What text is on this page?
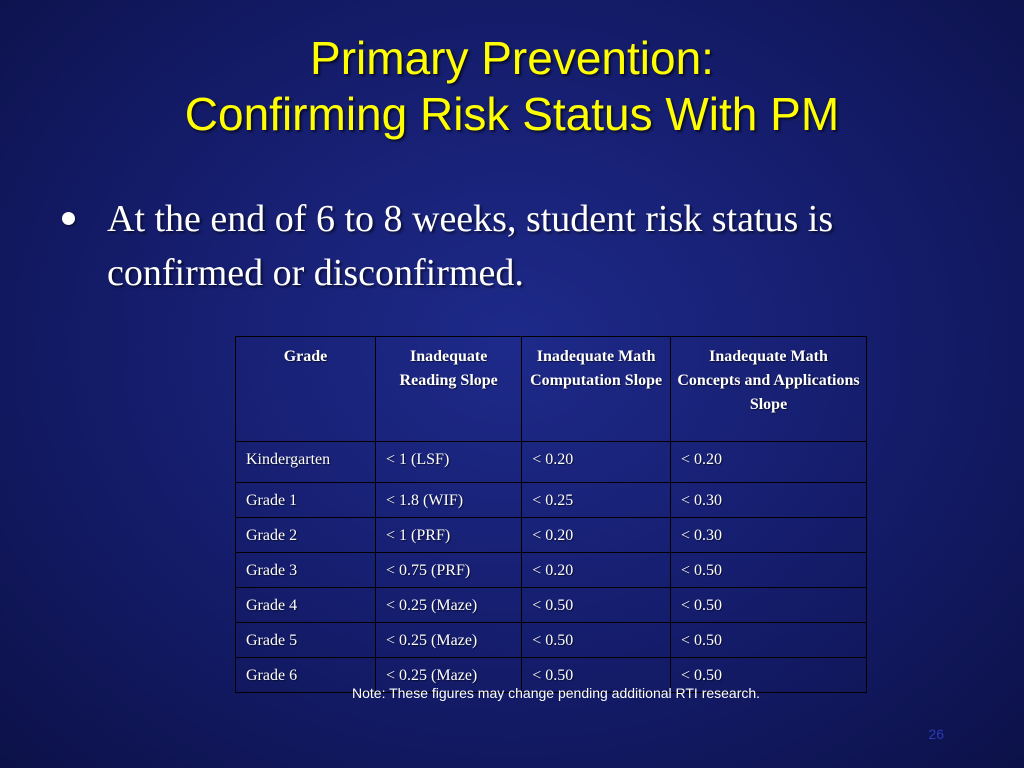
Primary Prevention:
Confirming Risk Status With PM
At the end of 6 to 8 weeks, student risk status is confirmed or disconfirmed.
Grade	Inadequate Reading Slope	Inadequate Math Computation Slope	Inadequate Math Concepts and Applications Slope
Kindergarten	< 1 (LSF)	< 0.20	< 0.20
Grade 1	< 1.8 (WIF)	< 0.25	< 0.30
Grade 2	< 1 (PRF)	< 0.20	< 0.30
Grade 3	< 0.75 (PRF)	< 0.20	< 0.50
Grade 4	< 0.25 (Maze)	< 0.50	< 0.50
Grade 5	< 0.25 (Maze)	< 0.50	< 0.50
Grade 6	< 0.25 (Maze)	< 0.50	< 0.50
Note: These figures may change pending additional RTI research.
26
